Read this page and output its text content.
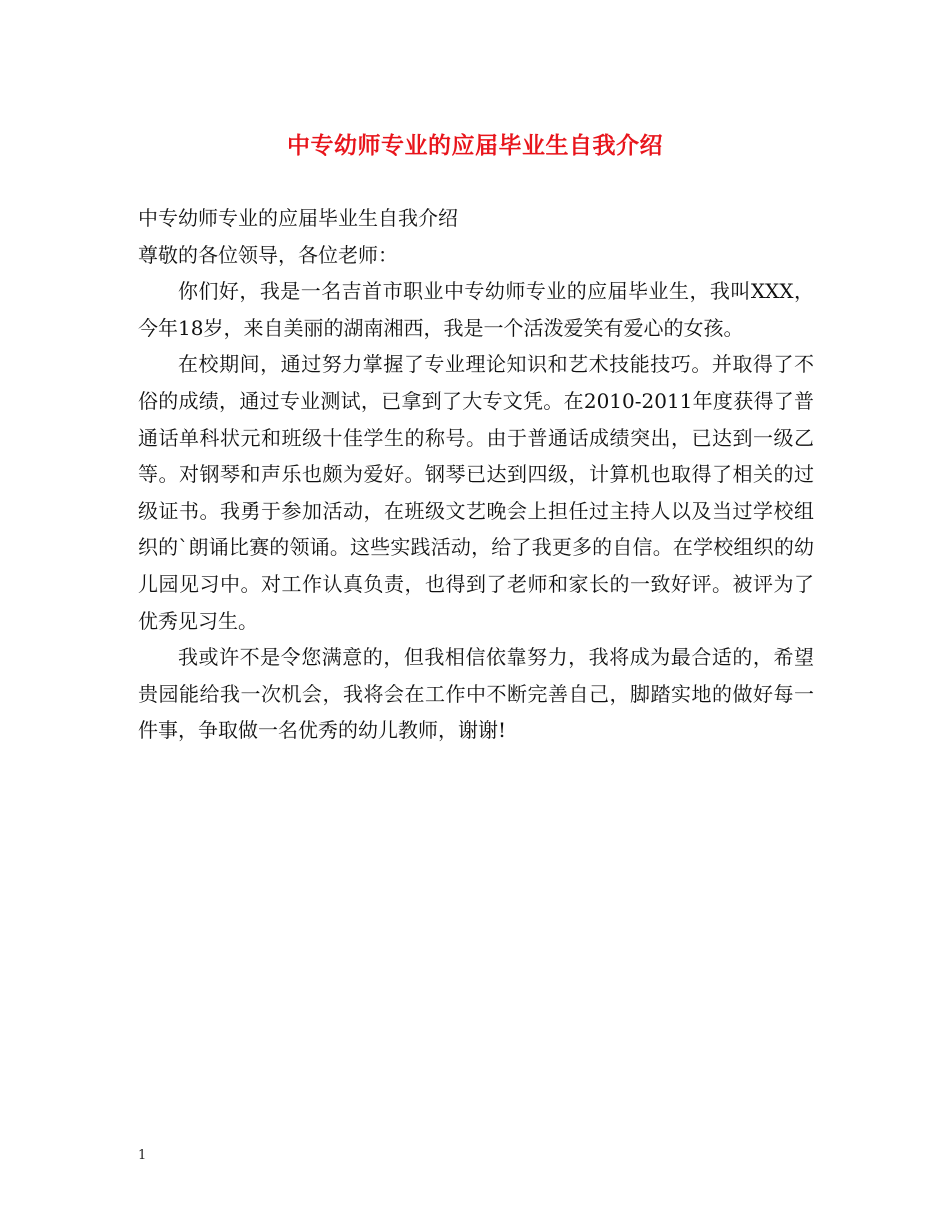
中专幼师专业的应届毕业生自我介绍

中专幼师专业的应届毕业生自我介绍

尊敬的各位领导，各位老师：

你们好，我是一名吉首市职业中专幼师专业的应届毕业生，我叫XXX，今年18岁，来自美丽的湖南湘西，我是一个活泼爱笑有爱心的女孩。

在校期间，通过努力掌握了专业理论知识和艺术技能技巧。并取得了不俗的成绩，通过专业测试，已拿到了大专文凭。在2010-2011年度获得了普通话单科状元和班级十佳学生的称号。由于普通话成绩突出，已达到一级乙等。对钢琴和声乐也颇为爱好。钢琴已达到四级，计算机也取得了相关的过级证书。我勇于参加活动，在班级文艺晚会上担任过主持人以及当过学校组织的`朗诵比赛的领诵。这些实践活动，给了我更多的自信。在学校组织的幼儿园见习中。对工作认真负责，也得到了老师和家长的一致好评。被评为了优秀见习生。

我或许不是令您满意的，但我相信依靠努力，我将成为最合适的，希望贵园能给我一次机会，我将会在工作中不断完善自己，脚踏实地的做好每一件事，争取做一名优秀的幼儿教师，谢谢!

1
